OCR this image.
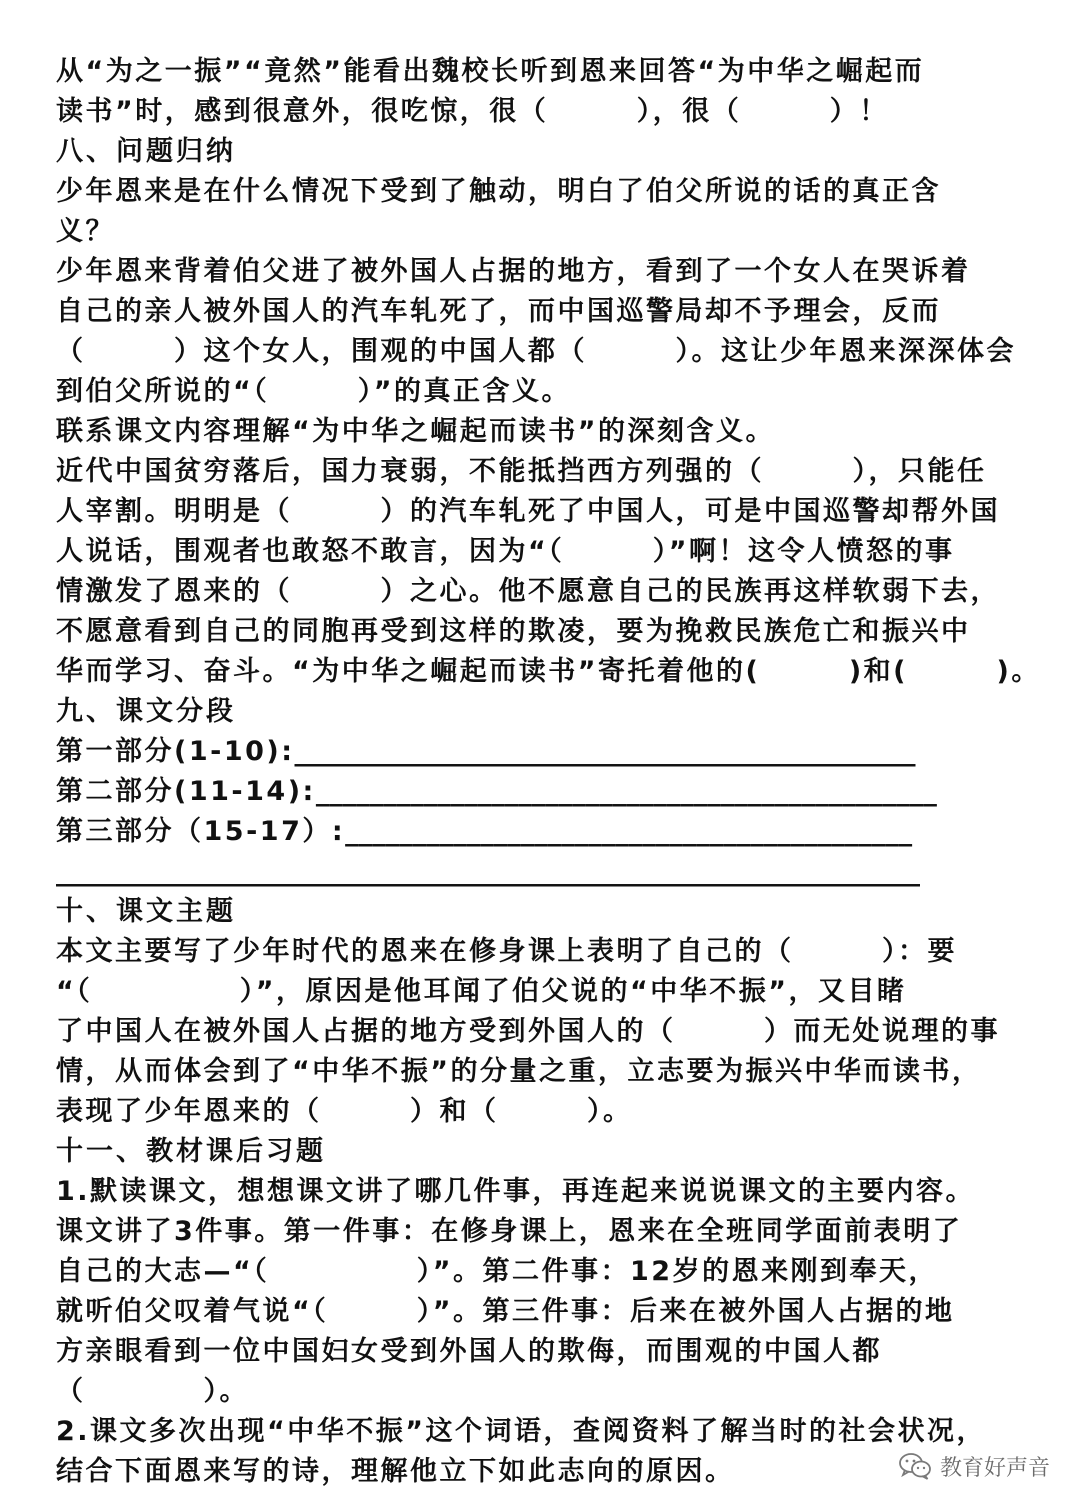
从“为之一振”“竟然”能看出魏校长听到恩来回答“为中华之崛起而
读书”时，感到很意外，很吃惊，很（　　　），很（　　　）！
八、问题归纳
少年恩来是在什么情况下受到了触动，明白了伯父所说的话的真正含
义？
少年恩来背着伯父进了被外国人占据的地方，看到了一个女人在哭诉着
自己的亲人被外国人的汽车轧死了，而中国巡警局却不予理会，反而
（　　　）这个女人，围观的中国人都（　　　）。这让少年恩来深深体会
到伯父所说的“（　　　）”的真正含义。
联系课文内容理解“为中华之崛起而读书”的深刻含义。
近代中国贫穷落后，国力衰弱，不能抵挡西方列强的（　　　），只能任
人宰割。明明是（　　　）的汽车轧死了中国人，可是中国巡警却帮外国
人说话，围观者也敢怒不敢言，因为“（　　　）”啊！这令人愤怒的事
情激发了恩来的（　　　）之心。他不愿意自己的民族再这样软弱下去，
不愿意看到自己的同胞再受到这样的欺凌，要为挽救民族危亡和振兴中
华而学习、奋斗。“为中华之崛起而读书”寄托着他的(　　　)和(　　　)。
九、课文分段
第一部分(1-10):______________________________________________
第二部分(11-14):______________________________________________
第三部分（15-17）:__________________________________________
________________________________________________________________
十、课文主题
本文主要写了少年时代的恩来在修身课上表明了自己的（　　　）：要
“（　　　　　）”，原因是他耳闻了伯父说的“中华不振”，又目睹
了中国人在被外国人占据的地方受到外国人的（　　　）而无处说理的事
情，从而体会到了“中华不振”的分量之重，立志要为振兴中华而读书，
表现了少年恩来的（　　　）和（　　　）。
十一、教材课后习题
1.默读课文，想想课文讲了哪几件事，再连起来说说课文的主要内容。
课文讲了3件事。第一件事：在修身课上，恩来在全班同学面前表明了
自己的大志—“（　　　　　）”。第二件事：12岁的恩来刚到奉天，
就听伯父叹着气说“（　　　）”。第三件事：后来在被外国人占据的地
方亲眼看到一位中国妇女受到外国人的欺侮，而围观的中国人都
（　　　　）。
2.课文多次出现“中华不振”这个词语，查阅资料了解当时的社会状况，
结合下面恩来写的诗，理解他立下如此志向的原因。	教育好声音
